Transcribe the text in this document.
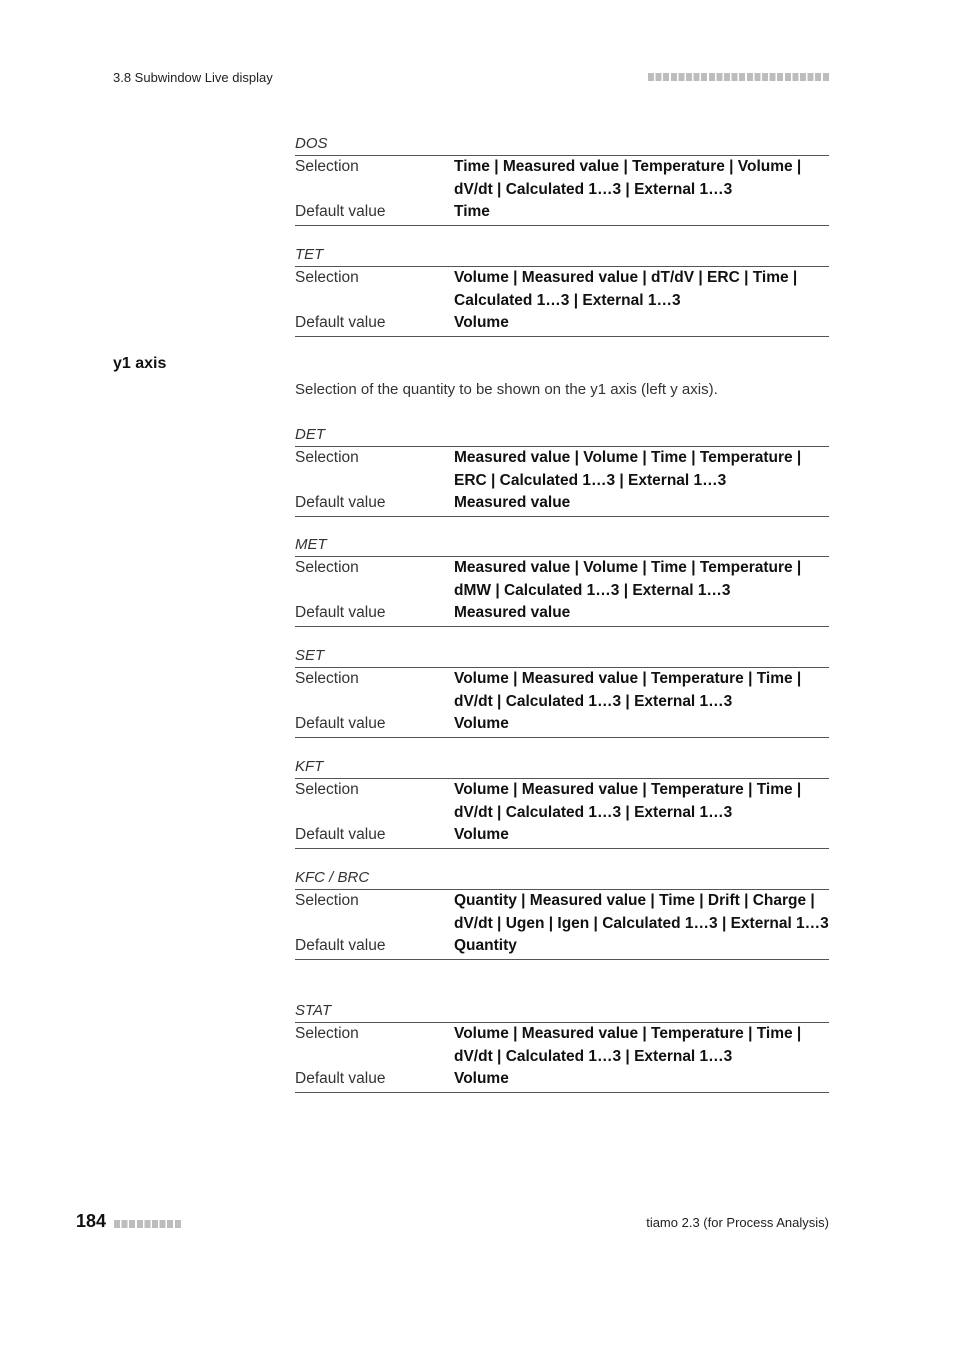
3.8 Subwindow Live display
DOS
Selection	Time | Measured value | Temperature | Volume | dV/dt | Calculated 1…3 | External 1…3
Default value	Time
TET
Selection	Volume | Measured value | dT/dV | ERC | Time | Calculated 1…3 | External 1…3
Default value	Volume
y1 axis
Selection of the quantity to be shown on the y1 axis (left y axis).
DET
Selection	Measured value | Volume | Time | Temperature | ERC | Calculated 1…3 | External 1…3
Default value	Measured value
MET
Selection	Measured value | Volume | Time | Temperature | dMW | Calculated 1…3 | External 1…3
Default value	Measured value
SET
Selection	Volume | Measured value | Temperature | Time | dV/dt | Calculated 1…3 | External 1…3
Default value	Volume
KFT
Selection	Volume | Measured value | Temperature | Time | dV/dt | Calculated 1…3 | External 1…3
Default value	Volume
KFC / BRC
Selection	Quantity | Measured value | Time | Drift | Charge | dV/dt | Ugen | Igen | Calculated 1…3 | External 1…3
Default value	Quantity
STAT
Selection	Volume | Measured value | Temperature | Time | dV/dt | Calculated 1…3 | External 1…3
Default value	Volume
184	tiamo 2.3 (for Process Analysis)
